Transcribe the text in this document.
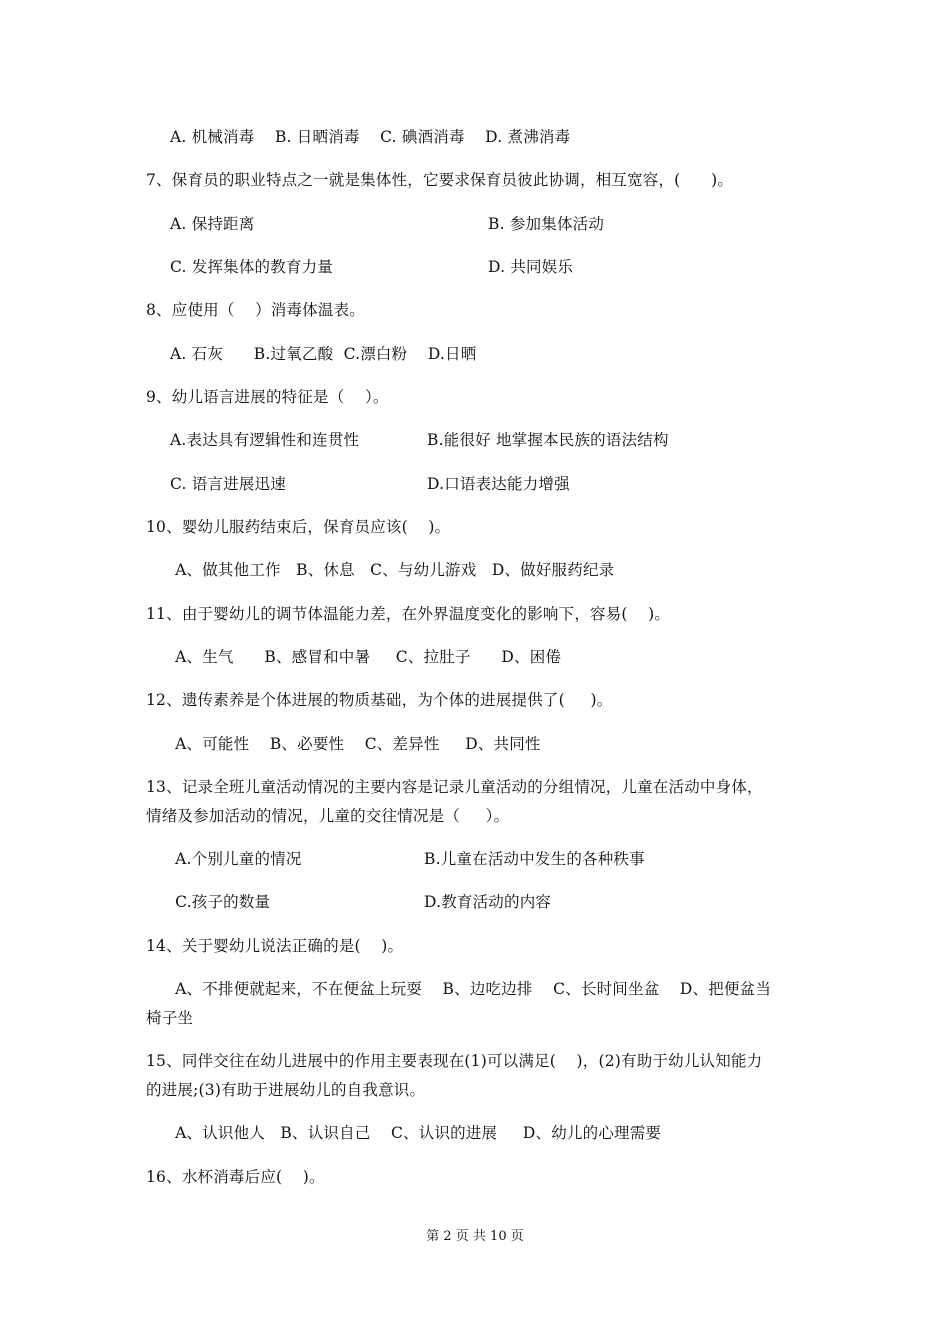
A. 机械消毒    B. 日晒消毒    C. 碘酒消毒    D. 煮沸消毒
7、保育员的职业特点之一就是集体性，它要求保育员彼此协调，相互宽容，(      )。
A. 保持距离	B. 参加集体活动
C. 发挥集体的教育力量	D. 共同娱乐
8、应使用（    ）消毒体温表。
A. 石灰      B.过氧乙酸  C.漂白粉    D.日晒
9、幼儿语言进展的特征是（    ）。
A.表达具有逻辑性和连贯性	B.能很好 地掌握本民族的语法结构
C. 语言进展迅速	D.口语表达能力增强
10、婴幼儿服药结束后，保育员应该(    )。
A、做其他工作   B、休息   C、与幼儿游戏   D、做好服药纪录
11、由于婴幼儿的调节体温能力差，在外界温度变化的影响下，容易(    )。
A、生气      B、感冒和中暑     C、拉肚子      D、困倦
12、遗传素养是个体进展的物质基础，为个体的进展提供了(     )。
A、可能性    B、必要性    C、差异性     D、共同性
13、记录全班儿童活动情况的主要内容是记录儿童活动的分组情况，儿童在活动中身体，
情绪及参加活动的情况，儿童的交往情况是（     ）。
A.个别儿童的情况	B.儿童在活动中发生的各种秩事
C.孩子的数量	D.教育活动的内容
14、关于婴幼儿说法正确的是(    )。
A、不排便就起来，不在便盆上玩耍    B、边吃边排    C、长时间坐盆    D、把便盆当
椅子坐
15、同伴交往在幼儿进展中的作用主要表现在(1)可以满足(    )，(2)有助于幼儿认知能力
的进展;(3)有助于进展幼儿的自我意识。
A、认识他人   B、认识自己    C、认识的进展     D、幼儿的心理需要
16、水杯消毒后应(    )。
第 2 页 共 10 页
